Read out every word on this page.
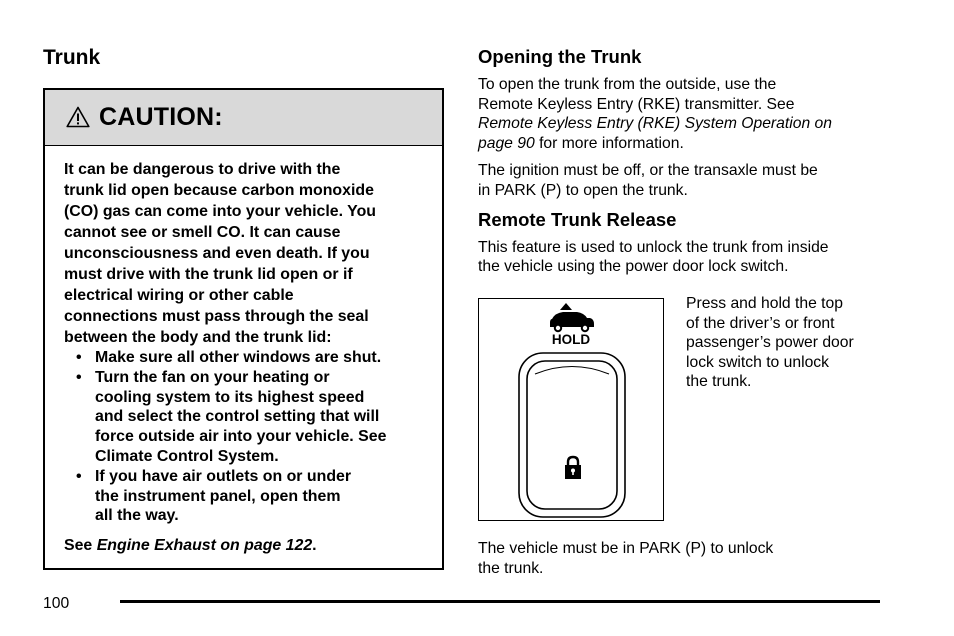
Trunk
CAUTION:

It can be dangerous to drive with the
trunk lid open because carbon monoxide
(CO) gas can come into your vehicle. You
cannot see or smell CO. It can cause
unconsciousness and even death. If you
must drive with the trunk lid open or if
electrical wiring or other cable
connections must pass through the seal
between the body and the trunk lid:

• Make sure all other windows are shut.
• Turn the fan on your heating or
cooling system to its highest speed
and select the control setting that will
force outside air into your vehicle. See
Climate Control System.
• If you have air outlets on or under
the instrument panel, open them
all the way.

See Engine Exhaust on page 122.

Opening the Trunk

To open the trunk from the outside, use the
Remote Keyless Entry (RKE) transmitter. See
Remote Keyless Entry (RKE) System Operation on
page 90 for more information.

The ignition must be off, or the transaxle must be
in PARK (P) to open the trunk.

Remote Trunk Release

This feature is used to unlock the trunk from inside
the vehicle using the power door lock switch.

HOLD

Press and hold the top
of the driver’s or front
passenger’s power door
lock switch to unlock
the trunk.

The vehicle must be in PARK (P) to unlock
the trunk.

100
